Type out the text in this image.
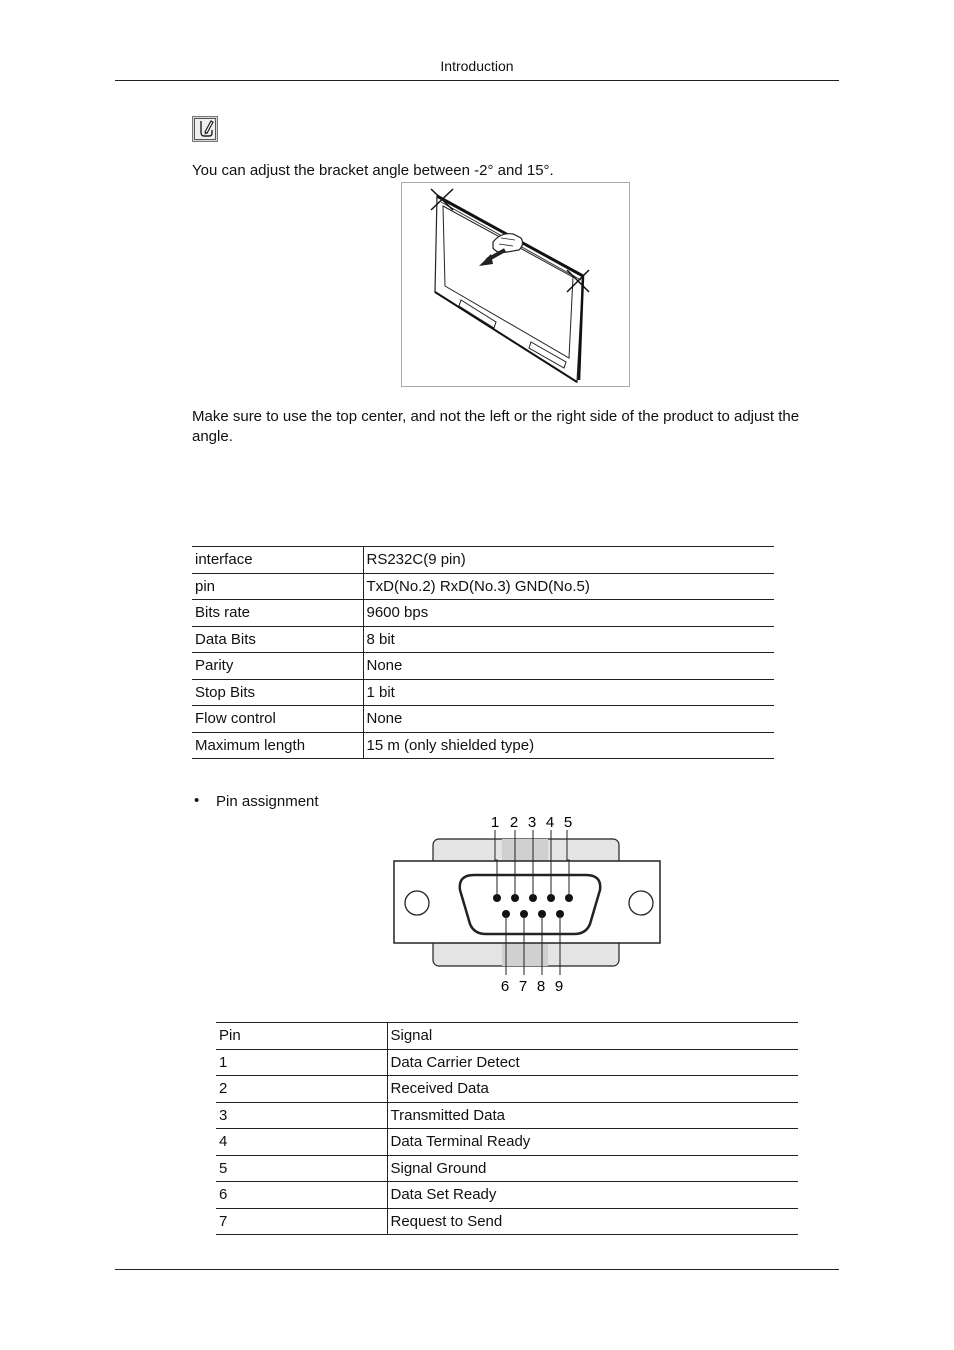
Introduction
You can adjust the bracket angle between -2° and 15°.
Make sure to use the top center, and not the left or the right side of the product to adjust the angle.
interface	RS232C(9 pin)
pin	TxD(No.2) RxD(No.3) GND(No.5)
Bits rate	9600 bps
Data Bits	8 bit
Parity	None
Stop Bits	1 bit
Flow control	None
Maximum length	15 m (only shielded type)
• Pin assignment
1 2 3 4 5
6 7 8 9
Pin	Signal
1	Data Carrier Detect
2	Received Data
3	Transmitted Data
4	Data Terminal Ready
5	Signal Ground
6	Data Set Ready
7	Request to Send
